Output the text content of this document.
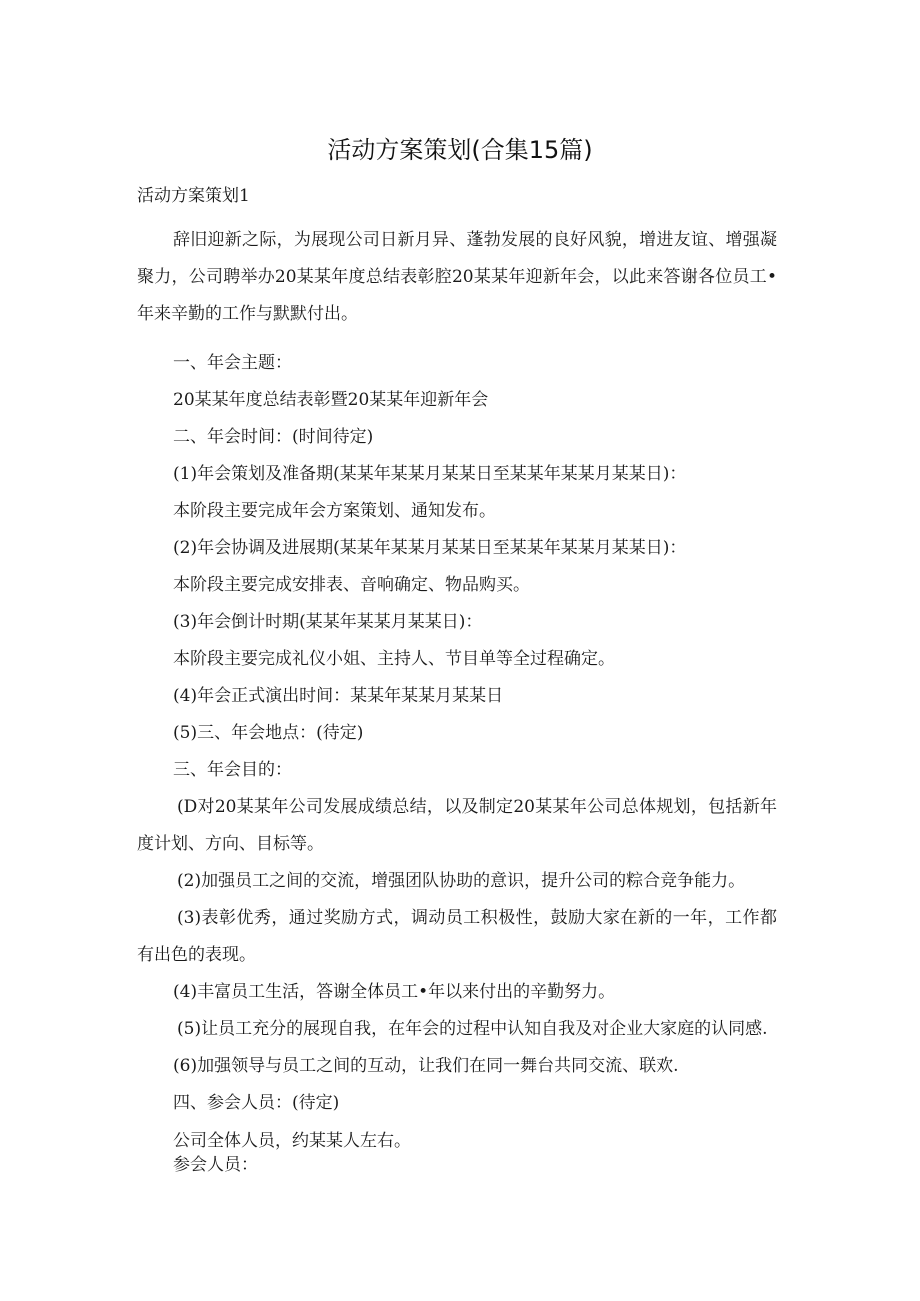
活动方案策划(合集15篇)

活动方案策划1

辞旧迎新之际，为展现公司日新月异、蓬勃发展的良好风貌，增进友谊、增强凝聚力，公司聘举办20某某年度总结表彰腔20某某年迎新年会，以此来答谢各位员工•年来辛勤的工作与默默付出。

一、年会主题：

20某某年度总结表彰暨20某某年迎新年会

二、年会时间：(时间待定)

(1)年会策划及准备期(某某年某某月某某日至某某年某某月某某日)：

本阶段主要完成年会方案策划、通知发布。

(2)年会协调及进展期(某某年某某月某某日至某某年某某月某某日)：

本阶段主要完成安排表、音响确定、物品购买。

(3)年会倒计时期(某某年某某月某某日)：

本阶段主要完成礼仪小姐、主持人、节目单等全过程确定。

(4)年会正式演出时间：某某年某某月某某日

(5)三、年会地点：(待定)

三、年会目的：

(D对20某某年公司发展成绩总结，以及制定20某某年公司总体规划，包括新年度计划、方向、目标等。

(2)加强员工之间的交流，增强团队协助的意识，提升公司的粽合竞争能力。

(3)表彰优秀，通过奖励方式，调动员工积极性，鼓励大家在新的一年，工作都有出色的表现。

(4)丰富员工生活，答谢全体员工•年以来付出的辛勤努力。

(5)让员工充分的展现自我，在年会的过程中认知自我及对企业大家庭的认同感.

(6)加强领导与员工之间的互动，让我们在同一舞台共同交流、联欢.

四、参会人员：(待定)

公司全体人员，约某某人左右。

参会人员：
